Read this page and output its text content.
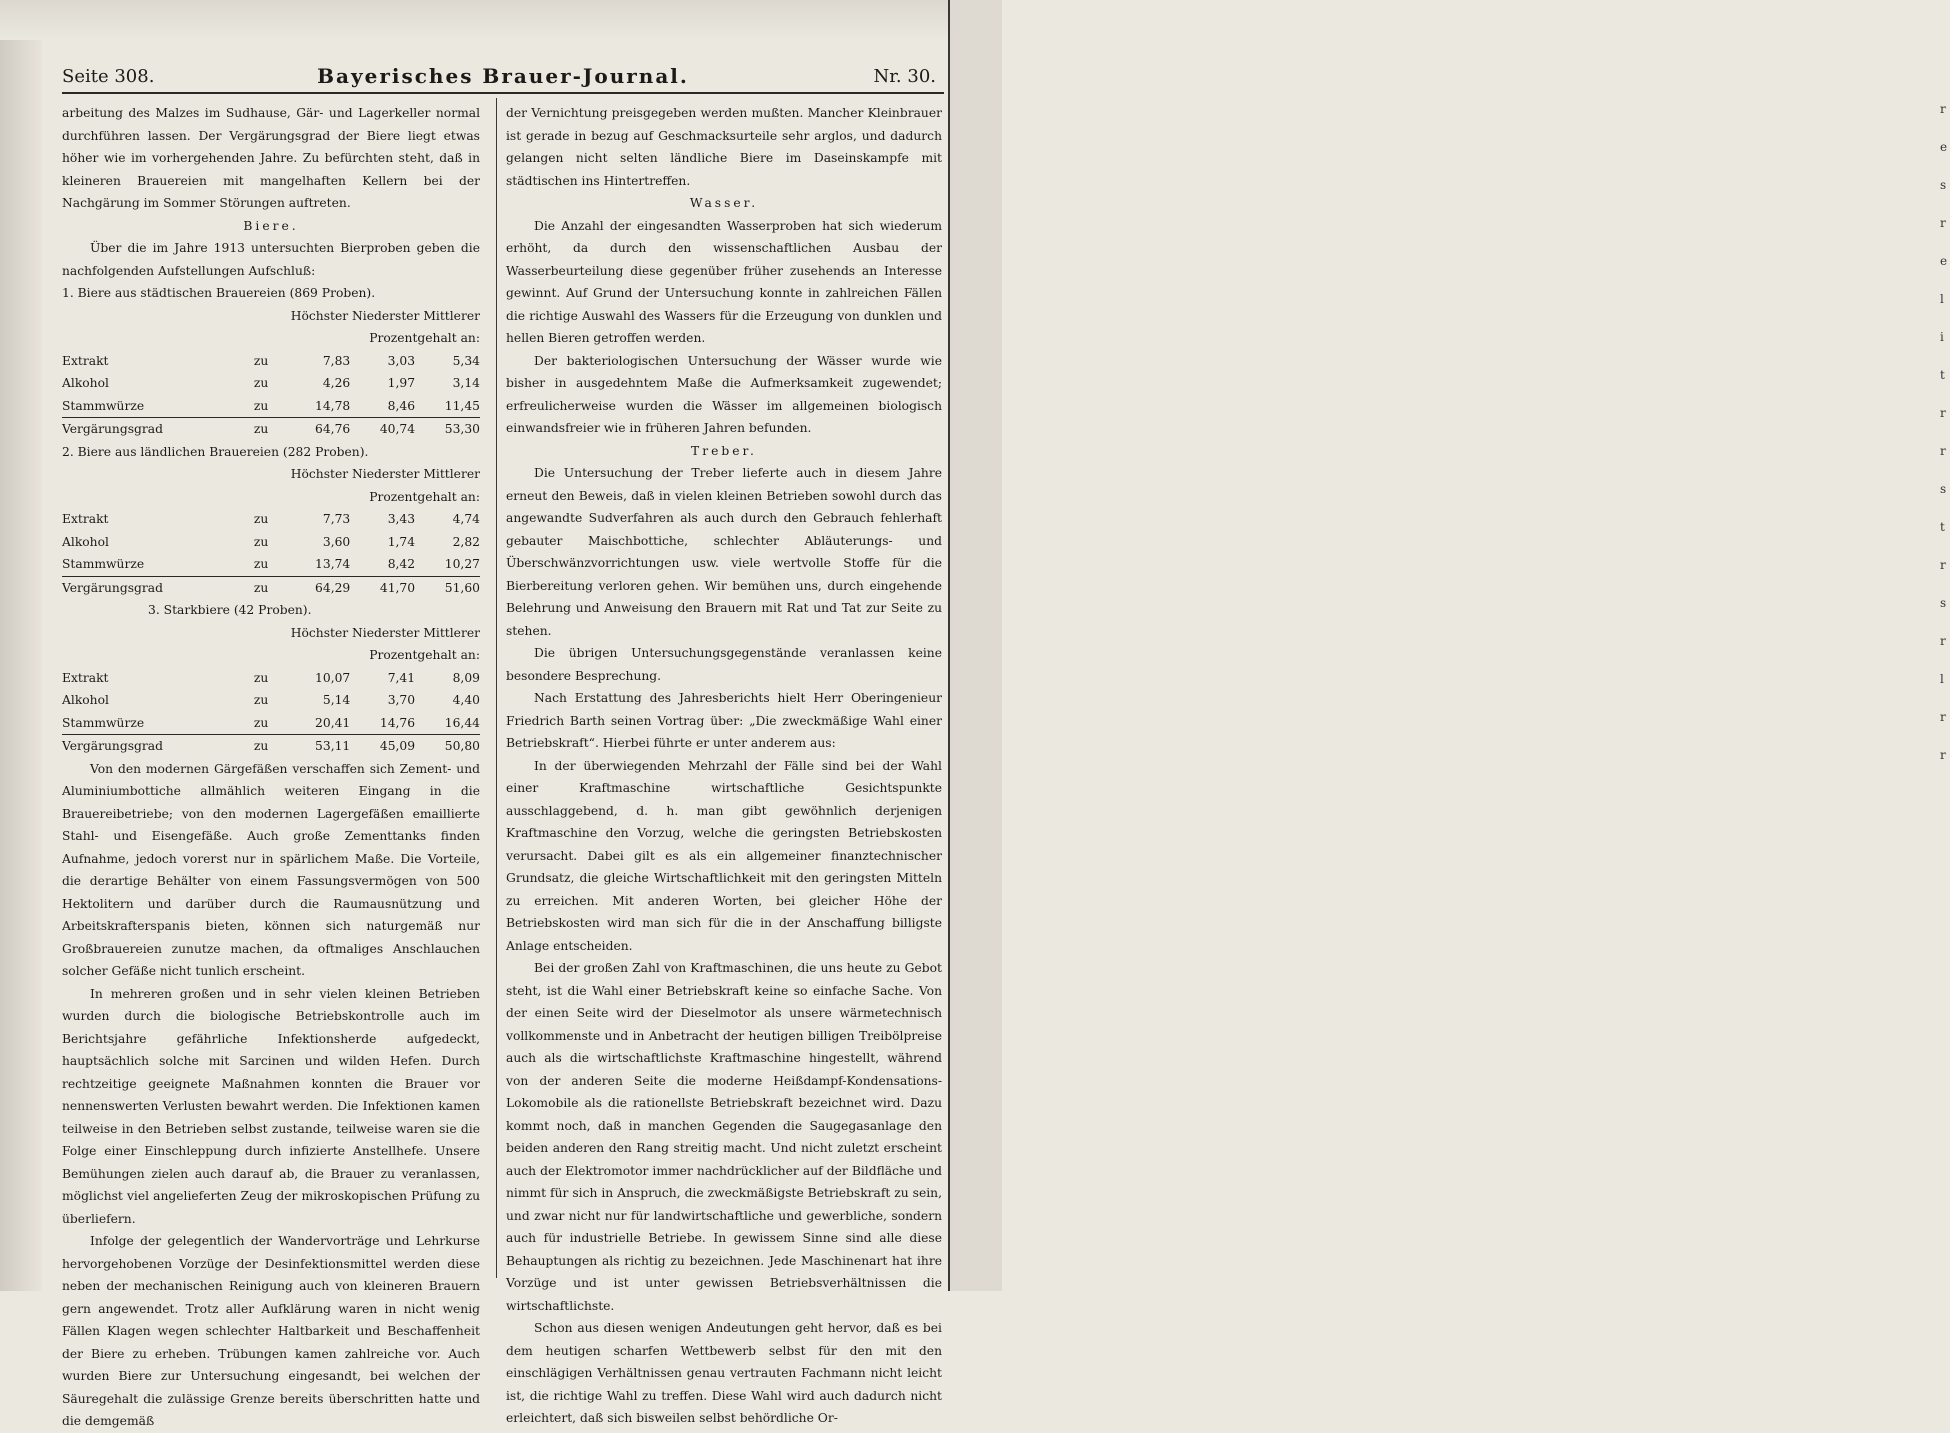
r e s r e l i t r r s t r s r l r r
Seite 308.	Bayerisches Brauer-Journal.	Nr. 30.

arbeitung des Malzes im Sudhause, Gär- und Lagerkeller normal durchführen lassen. Der Vergärungsgrad der Biere liegt etwas höher wie im vorhergehenden Jahre. Zu befürchten steht, daß in kleineren Brauereien mit mangelhaften Kellern bei der Nachgärung im Sommer Störungen auftreten.

Biere.

Über die im Jahre 1913 untersuchten Bierproben geben die nachfolgenden Aufstellungen Aufschluß:

1. Biere aus städtischen Brauereien (869 Proben).				
Höchster Niederster Mittlerer				
Prozentgehalt an:				
Extrakt	zu	7,83	3,03	5,34
Alkohol	zu	4,26	1,97	3,14
Stammwürze	zu	14,78	8,46	11,45
Vergärungsgrad	zu	64,76	40,74	53,30
2. Biere aus ländlichen Brauereien (282 Proben).				
Höchster Niederster Mittlerer				
Prozentgehalt an:				
Extrakt	zu	7,73	3,43	4,74
Alkohol	zu	3,60	1,74	2,82
Stammwürze	zu	13,74	8,42	10,27
Vergärungsgrad	zu	64,29	41,70	51,60
3. Starkbiere (42 Proben).				
Höchster Niederster Mittlerer				
Prozentgehalt an:				
Extrakt	zu	10,07	7,41	8,09
Alkohol	zu	5,14	3,70	4,40
Stammwürze	zu	20,41	14,76	16,44
Vergärungsgrad	zu	53,11	45,09	50,80

Von den modernen Gärgefäßen verschaffen sich Zement- und Aluminiumbottiche allmählich weiteren Eingang in die Brauereibetriebe; von den modernen Lagergefäßen emaillierte Stahl- und Eisengefäße. Auch große Zementtanks finden Aufnahme, jedoch vorerst nur in spärlichem Maße. Die Vorteile, die derartige Behälter von einem Fassungsvermögen von 500 Hektolitern und darüber durch die Raumausnützung und Arbeitskrafterspanis bieten, können sich naturgemäß nur Großbrauereien zunutze machen, da oftmaliges Anschlauchen solcher Gefäße nicht tunlich erscheint.

In mehreren großen und in sehr vielen kleinen Betrieben wurden durch die biologische Betriebskontrolle auch im Berichtsjahre gefährliche Infektionsherde aufgedeckt, hauptsächlich solche mit Sarcinen und wilden Hefen. Durch rechtzeitige geeignete Maßnahmen konnten die Brauer vor nennenswerten Verlusten bewahrt werden. Die Infektionen kamen teilweise in den Betrieben selbst zustande, teilweise waren sie die Folge einer Einschleppung durch infizierte Anstellhefe. Unsere Bemühungen zielen auch darauf ab, die Brauer zu veranlassen, möglichst viel angelieferten Zeug der mikroskopischen Prüfung zu überliefern.

Infolge der gelegentlich der Wandervorträge und Lehrkurse hervorgehobenen Vorzüge der Desinfektionsmittel werden diese neben der mechanischen Reinigung auch von kleineren Brauern gern angewendet. Trotz aller Aufklärung waren in nicht wenig Fällen Klagen wegen schlechter Haltbarkeit und Beschaffenheit der Biere zu erheben. Trübungen kamen zahlreiche vor. Auch wurden Biere zur Untersuchung eingesandt, bei welchen der Säuregehalt die zulässige Grenze bereits überschritten hatte und die demgemäß

der Vernichtung preisgegeben werden mußten. Mancher Kleinbrauer ist gerade in bezug auf Geschmacksurteile sehr arglos, und dadurch gelangen nicht selten ländliche Biere im Daseinskampfe mit städtischen ins Hintertreffen.

Wasser.

Die Anzahl der eingesandten Wasserproben hat sich wiederum erhöht, da durch den wissenschaftlichen Ausbau der Wasserbeurteilung diese gegenüber früher zusehends an Interesse gewinnt. Auf Grund der Untersuchung konnte in zahlreichen Fällen die richtige Auswahl des Wassers für die Erzeugung von dunklen und hellen Bieren getroffen werden.

Der bakteriologischen Untersuchung der Wässer wurde wie bisher in ausgedehntem Maße die Aufmerksamkeit zugewendet; erfreulicherweise wurden die Wässer im allgemeinen biologisch einwandsfreier wie in früheren Jahren befunden.

Treber.

Die Untersuchung der Treber lieferte auch in diesem Jahre erneut den Beweis, daß in vielen kleinen Betrieben sowohl durch das angewandte Sudverfahren als auch durch den Gebrauch fehlerhaft gebauter Maischbottiche, schlechter Abläuterungs- und Überschwänzvorrichtungen usw. viele wertvolle Stoffe für die Bierbereitung verloren gehen. Wir bemühen uns, durch eingehende Belehrung und Anweisung den Brauern mit Rat und Tat zur Seite zu stehen.

Die übrigen Untersuchungsgegenstände veranlassen keine besondere Besprechung.

Nach Erstattung des Jahresberichts hielt Herr Oberingenieur Friedrich Barth seinen Vortrag über: „Die zweckmäßige Wahl einer Betriebskraft“. Hierbei führte er unter anderem aus:

In der überwiegenden Mehrzahl der Fälle sind bei der Wahl einer Kraftmaschine wirtschaftliche Gesichtspunkte ausschlaggebend, d. h. man gibt gewöhnlich derjenigen Kraftmaschine den Vorzug, welche die geringsten Betriebskosten verursacht. Dabei gilt es als ein allgemeiner finanztechnischer Grundsatz, die gleiche Wirtschaftlichkeit mit den geringsten Mitteln zu erreichen. Mit anderen Worten, bei gleicher Höhe der Betriebskosten wird man sich für die in der Anschaffung billigste Anlage entscheiden.

Bei der großen Zahl von Kraftmaschinen, die uns heute zu Gebot steht, ist die Wahl einer Betriebskraft keine so einfache Sache. Von der einen Seite wird der Dieselmotor als unsere wärmetechnisch vollkommenste und in Anbetracht der heutigen billigen Treibölpreise auch als die wirtschaftlichste Kraftmaschine hingestellt, während von der anderen Seite die moderne Heißdampf-Kondensations-Lokomobile als die rationellste Betriebskraft bezeichnet wird. Dazu kommt noch, daß in manchen Gegenden die Saugegasanlage den beiden anderen den Rang streitig macht. Und nicht zuletzt erscheint auch der Elektromotor immer nachdrücklicher auf der Bildfläche und nimmt für sich in Anspruch, die zweckmäßigste Betriebskraft zu sein, und zwar nicht nur für landwirtschaftliche und gewerbliche, sondern auch für industrielle Betriebe. In gewissem Sinne sind alle diese Behauptungen als richtig zu bezeichnen. Jede Maschinenart hat ihre Vorzüge und ist unter gewissen Betriebsverhältnissen die wirtschaftlichste.

Schon aus diesen wenigen Andeutungen geht hervor, daß es bei dem heutigen scharfen Wettbewerb selbst für den mit den einschlägigen Verhältnissen genau vertrauten Fachmann nicht leicht ist, die richtige Wahl zu treffen. Diese Wahl wird auch dadurch nicht erleichtert, daß sich bisweilen selbst behördliche Or-
